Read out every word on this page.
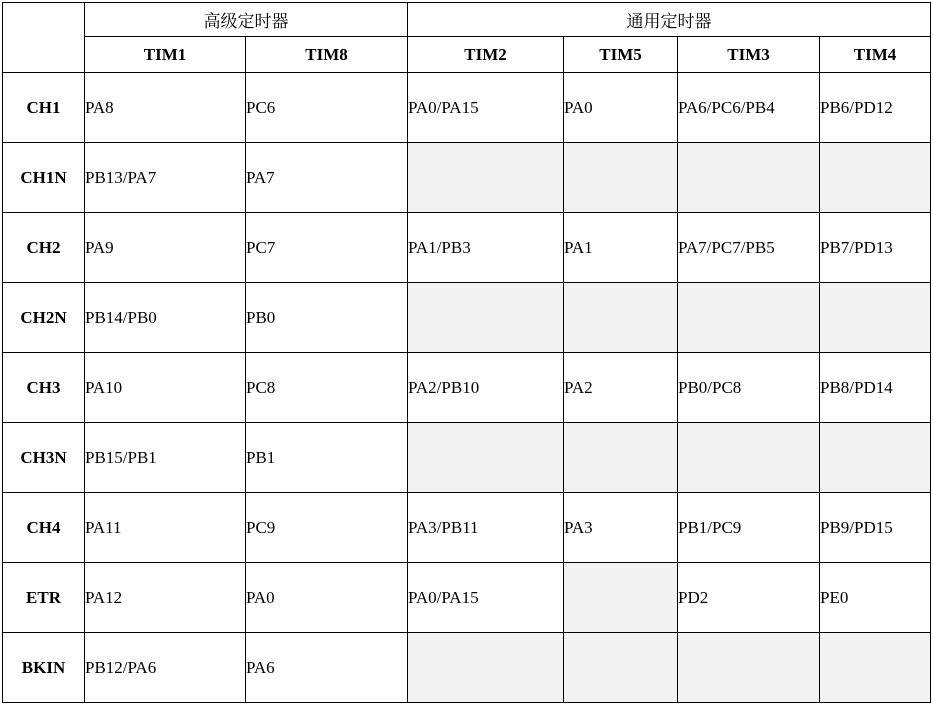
	高级定时器		通用定时器			
	TIM1	TIM8	TIM2	TIM5	TIM3	TIM4
CH1	PA8	PC6	PA0/PA15	PA0	PA6/PC6/PB4	PB6/PD12
CH1N	PB13/PA7	PA7				
CH2	PA9	PC7	PA1/PB3	PA1	PA7/PC7/PB5	PB7/PD13
CH2N	PB14/PB0	PB0				
CH3	PA10	PC8	PA2/PB10	PA2	PB0/PC8	PB8/PD14
CH3N	PB15/PB1	PB1				
CH4	PA11	PC9	PA3/PB11	PA3	PB1/PC9	PB9/PD15
ETR	PA12	PA0	PA0/PA15		PD2	PE0
BKIN	PB12/PA6	PA6				
